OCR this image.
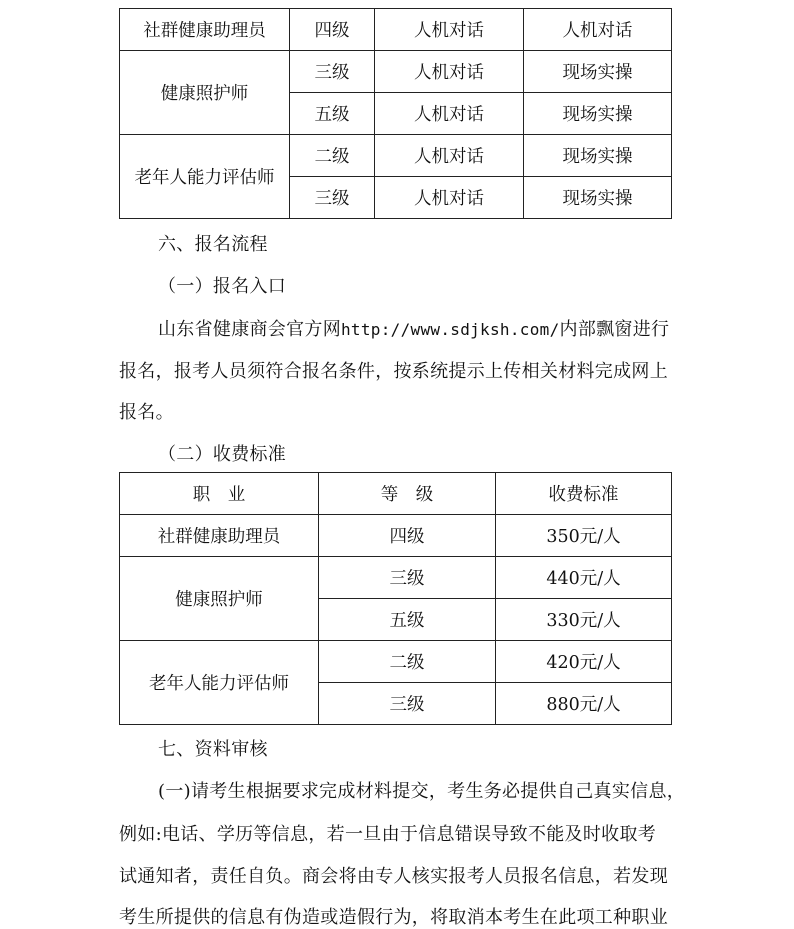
社群健康助理员	四级	人机对话	人机对话
健康照护师	三级	人机对话	现场实操
	五级	人机对话	现场实操
老年人能力评估师	二级	人机对话	现场实操
	三级	人机对话	现场实操
六、报名流程
（一）报名入口
山东省健康商会官方网http://www.sdjksh.com/内部飘窗进行
报名，报考人员须符合报名条件，按系统提示上传相关材料完成网上
报名。
（二）收费标准
职　业	等　级	收费标准
社群健康助理员	四级	350元/人
健康照护师	三级	440元/人
	五级	330元/人
老年人能力评估师	二级	420元/人
	三级	880元/人
七、资料审核
(一)请考生根据要求完成材料提交，考生务必提供自己真实信息，
例如:电话、学历等信息，若一旦由于信息错误导致不能及时收取考
试通知者，责任自负。商会将由专人核实报考人员报名信息，若发现
考生所提供的信息有伪造或造假行为，将取消本考生在此项工种职业
